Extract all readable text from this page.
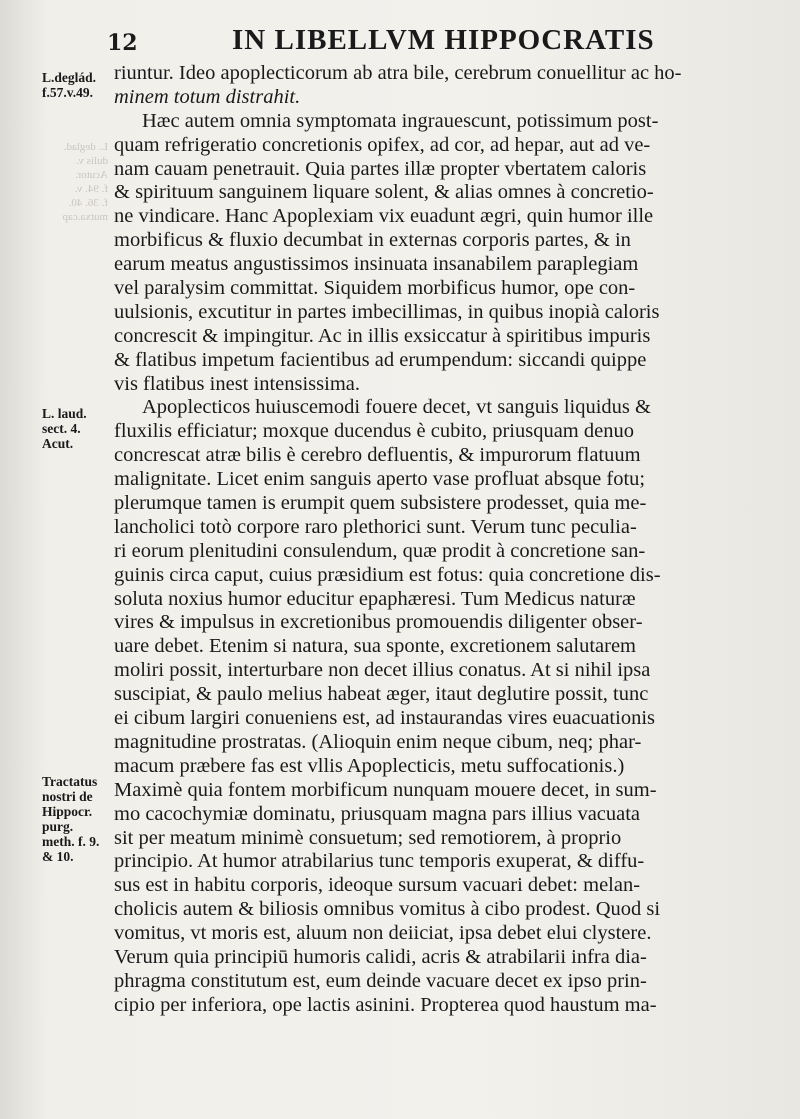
L. deglad.
dulis v.
Acutor.
f. 94. v.
f. 36. 40.
mutxa.cap
12	IN LIBELLVM HIPPOCRATIS
L.deglád.
f.57.v.49.
L. laud.
sect. 4.
Acut.
Tractatus
nostri de
Hippocr.
purg.
meth. f. 9.
& 10.
riuntur. Ideo apoplecticorum ab atra bile, cerebrum conuellitur ac ho-
minem totum distrahit.
Hæc autem omnia symptomata ingrauescunt, potissimum post-
quam refrigeratio concretionis opifex, ad cor, ad hepar, aut ad ve-
nam cauam penetrauit. Quia partes illæ propter vbertatem caloris
& spirituum sanguinem liquare solent, & alias omnes à concretio-
ne vindicare. Hanc Apoplexiam vix euadunt ægri, quin humor ille
morbificus & fluxio decumbat in externas corporis partes, & in
earum meatus angustissimos insinuata insanabilem paraplegiam
vel paralysim committat. Siquidem morbificus humor, ope con-
uulsionis, excutitur in partes imbecillimas, in quibus inopià caloris
concrescit & impingitur. Ac in illis exsiccatur à spiritibus impuris
& flatibus impetum facientibus ad erumpendum: siccandi quippe
vis flatibus inest intensissima.
Apoplecticos huiuscemodi fouere decet, vt sanguis liquidus &
fluxilis efficiatur; moxque ducendus è cubito, priusquam denuo
concrescat atræ bilis è cerebro defluentis, & impurorum flatuum
malignitate. Licet enim sanguis aperto vase profluat absque fotu;
plerumque tamen is erumpit quem subsistere prodesset, quia me-
lancholici totò corpore raro plethorici sunt. Verum tunc peculia-
ri eorum plenitudini consulendum, quæ prodit à concretione san-
guinis circa caput, cuius præsidium est fotus: quia concretione dis-
soluta noxius humor educitur epaphæresi. Tum Medicus naturæ
vires & impulsus in excretionibus promouendis diligenter obser-
uare debet. Etenim si natura, sua sponte, excretionem salutarem
moliri possit, interturbare non decet illius conatus. At si nihil ipsa
suscipiat, & paulo melius habeat æger, itaut deglutire possit, tunc
ei cibum largiri conueniens est, ad instaurandas vires euacuationis
magnitudine prostratas. (Alioquin enim neque cibum, neq; phar-
macum præbere fas est vllis Apoplecticis, metu suffocationis.)
Maximè quia fontem morbificum nunquam mouere decet, in sum-
mo cacochymiæ dominatu, priusquam magna pars illius vacuata
sit per meatum minimè consuetum; sed remotiorem, à proprio
principio. At humor atrabilarius tunc temporis exuperat, & diffu-
sus est in habitu corporis, ideoque sursum vacuari debet: melan-
cholicis autem & biliosis omnibus vomitus à cibo prodest. Quod si
vomitus, vt moris est, aluum non deiiciat, ipsa debet elui clystere.
Verum quia principiū humoris calidi, acris & atrabilarii infra dia-
phragma constitutum est, eum deinde vacuare decet ex ipso prin-
cipio per inferiora, ope lactis asinini. Propterea quod haustum ma-
